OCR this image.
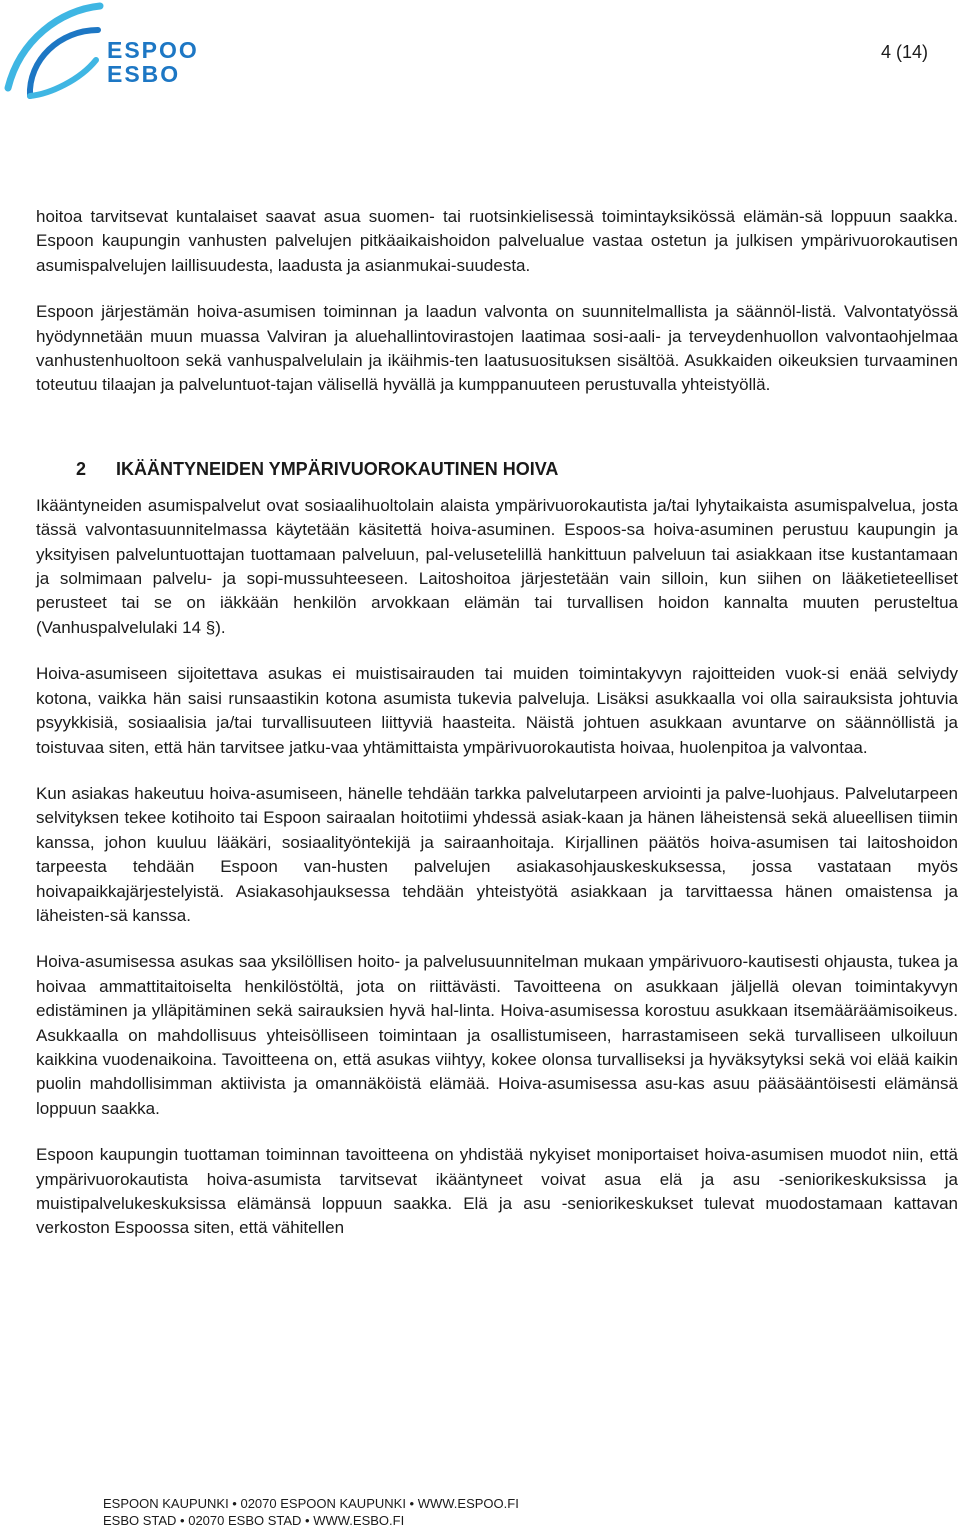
ESPOO
ESBO
4 (14)

hoitoa tarvitsevat kuntalaiset saavat asua suomen- tai ruotsinkielisessä toimintayksikössä elämän-sä loppuun saakka. Espoon kaupungin vanhusten palvelujen pitkäaikaishoidon palvelualue vastaa ostetun ja julkisen ympärivuorokautisen asumispalvelujen laillisuudesta, laadusta ja asianmukai-suudesta.

Espoon järjestämän hoiva-asumisen toiminnan ja laadun valvonta on suunnitelmallista ja säännöl-listä. Valvontatyössä hyödynnetään muun muassa Valviran ja aluehallintovirastojen laatimaa sosi-aali- ja terveydenhuollon valvontaohjelmaa vanhustenhuoltoon sekä vanhuspalvelulain ja ikäihmis-ten laatusuosituksen sisältöä. Asukkaiden oikeuksien turvaaminen toteutuu tilaajan ja palveluntuot-tajan välisellä hyvällä ja kumppanuuteen perustuvalla yhteistyöllä.

2 IKÄÄNTYNEIDEN YMPÄRIVUOROKAUTINEN HOIVA

Ikääntyneiden asumispalvelut ovat sosiaalihuoltolain alaista ympärivuorokautista ja/tai lyhytaikaista asumispalvelua, josta tässä valvontasuunnitelmassa käytetään käsitettä hoiva-asuminen. Espoos-sa hoiva-asuminen perustuu kaupungin ja yksityisen palveluntuottajan tuottamaan palveluun, pal-velusetelillä hankittuun palveluun tai asiakkaan itse kustantamaan ja solmimaan palvelu- ja sopi-mussuhteeseen. Laitoshoitoa järjestetään vain silloin, kun siihen on lääketieteelliset perusteet tai se on iäkkään henkilön arvokkaan elämän tai turvallisen hoidon kannalta muuten perusteltua (Vanhuspalvelulaki 14 §).

Hoiva-asumiseen sijoitettava asukas ei muistisairauden tai muiden toimintakyvyn rajoitteiden vuok-si enää selviydy kotona, vaikka hän saisi runsaastikin kotona asumista tukevia palveluja. Lisäksi asukkaalla voi olla sairauksista johtuvia psyykkisiä, sosiaalisia ja/tai turvallisuuteen liittyviä haasteita. Näistä johtuen asukkaan avuntarve on säännöllistä ja toistuvaa siten, että hän tarvitsee jatku-vaa yhtämittaista ympärivuorokautista hoivaa, huolenpitoa ja valvontaa.

Kun asiakas hakeutuu hoiva-asumiseen, hänelle tehdään tarkka palvelutarpeen arviointi ja palve-luohjaus. Palvelutarpeen selvityksen tekee kotihoito tai Espoon sairaalan hoitotiimi yhdessä asiak-kaan ja hänen läheistensä sekä alueellisen tiimin kanssa, johon kuuluu lääkäri, sosiaalityöntekijä ja sairaanhoitaja. Kirjallinen päätös hoiva-asumisen tai laitoshoidon tarpeesta tehdään Espoon van-husten palvelujen asiakasohjauskeskuksessa, jossa vastataan myös hoivapaikkajärjestelyistä. Asiakasohjauksessa tehdään yhteistyötä asiakkaan ja tarvittaessa hänen omaistensa ja läheisten-sä kanssa.

Hoiva-asumisessa asukas saa yksilöllisen hoito- ja palvelusuunnitelman mukaan ympärivuoro-kautisesti ohjausta, tukea ja hoivaa ammattitaitoiselta henkilöstöltä, jota on riittävästi. Tavoitteena on asukkaan jäljellä olevan toimintakyvyn edistäminen ja ylläpitäminen sekä sairauksien hyvä hal-linta. Hoiva-asumisessa korostuu asukkaan itsemääräämisoikeus. Asukkaalla on mahdollisuus yhteisölliseen toimintaan ja osallistumiseen, harrastamiseen sekä turvalliseen ulkoiluun kaikkina vuodenaikoina. Tavoitteena on, että asukas viihtyy, kokee olonsa turvalliseksi ja hyväksytyksi sekä voi elää kaikin puolin mahdollisimman aktiivista ja omannäköistä elämää. Hoiva-asumisessa asu-kas asuu pääsääntöisesti elämänsä loppuun saakka.

Espoon kaupungin tuottaman toiminnan tavoitteena on yhdistää nykyiset moniportaiset hoiva-asumisen muodot niin, että ympärivuorokautista hoiva-asumista tarvitsevat ikääntyneet voivat asua elä ja asu -seniorikeskuksissa ja muistipalvelukeskuksissa elämänsä loppuun saakka. Elä ja asu -seniorikeskukset tulevat muodostamaan kattavan verkoston Espoossa siten, että vähitellen

ESPOON KAUPUNKI • 02070 ESPOON KAUPUNKI • WWW.ESPOO.FI
ESBO STAD • 02070 ESBO STAD • WWW.ESBO.FI
